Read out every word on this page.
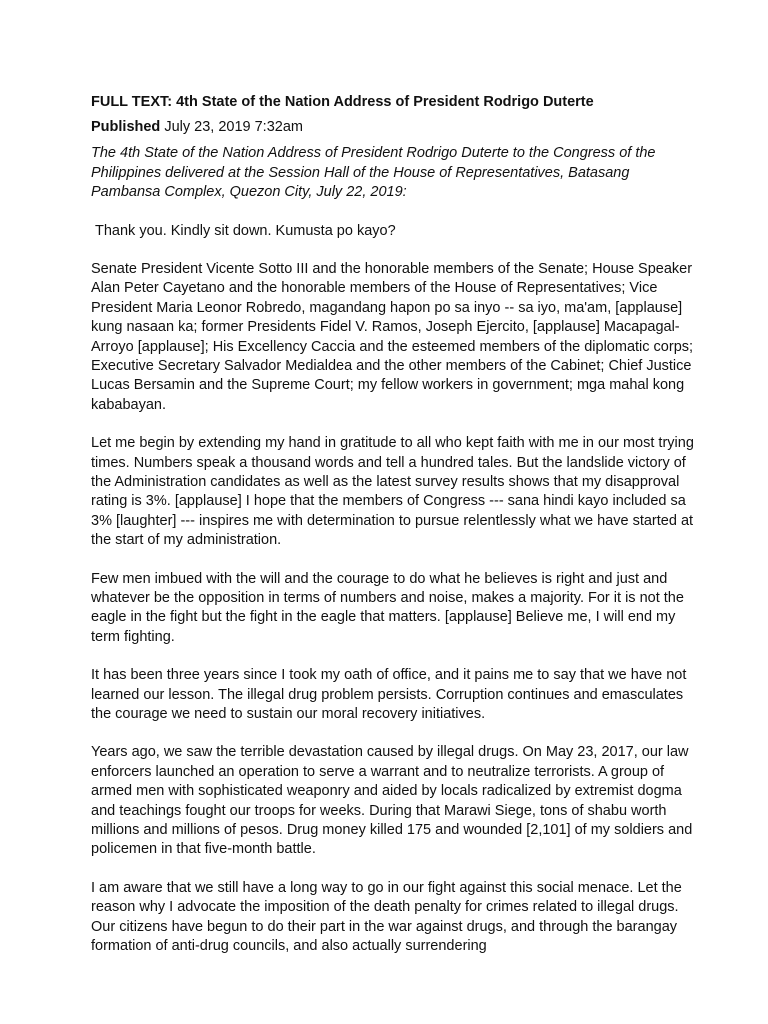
FULL TEXT: 4th State of the Nation Address of President Rodrigo Duterte
Published July 23, 2019 7:32am
The 4th State of the Nation Address of President Rodrigo Duterte to the Congress of the Philippines delivered at the Session Hall of the House of Representatives, Batasang Pambansa Complex, Quezon City, July 22, 2019:
Thank you. Kindly sit down. Kumusta po kayo?
Senate President Vicente Sotto III and the honorable members of the Senate; House Speaker Alan Peter Cayetano and the honorable members of the House of Representatives; Vice President Maria Leonor Robredo, magandang hapon po sa inyo -- sa iyo, ma'am, [applause] kung nasaan ka; former Presidents Fidel V. Ramos, Joseph Ejercito, [applause] Macapagal-Arroyo [applause]; His Excellency Caccia and the esteemed members of the diplomatic corps; Executive Secretary Salvador Medialdea and the other members of the Cabinet; Chief Justice Lucas Bersamin and the Supreme Court; my fellow workers in government; mga mahal kong kababayan.
Let me begin by extending my hand in gratitude to all who kept faith with me in our most trying times. Numbers speak a thousand words and tell a hundred tales. But the landslide victory of the Administration candidates as well as the latest survey results shows that my disapproval rating is 3%. [applause] I hope that the members of Congress --- sana hindi kayo included sa 3% [laughter] --- inspires me with determination to pursue relentlessly what we have started at the start of my administration.
Few men imbued with the will and the courage to do what he believes is right and just and whatever be the opposition in terms of numbers and noise, makes a majority. For it is not the eagle in the fight but the fight in the eagle that matters. [applause] Believe me, I will end my term fighting.
It has been three years since I took my oath of office, and it pains me to say that we have not learned our lesson. The illegal drug problem persists. Corruption continues and emasculates the courage we need to sustain our moral recovery initiatives.
Years ago, we saw the terrible devastation caused by illegal drugs. On May 23, 2017, our law enforcers launched an operation to serve a warrant and to neutralize terrorists. A group of armed men with sophisticated weaponry and aided by locals radicalized by extremist dogma and teachings fought our troops for weeks. During that Marawi Siege, tons of shabu worth millions and millions of pesos. Drug money killed 175 and wounded [2,101] of my soldiers and policemen in that five-month battle.
I am aware that we still have a long way to go in our fight against this social menace. Let the reason why I advocate the imposition of the death penalty for crimes related to illegal drugs. Our citizens have begun to do their part in the war against drugs, and through the barangay formation of anti-drug councils, and also actually surrendering
